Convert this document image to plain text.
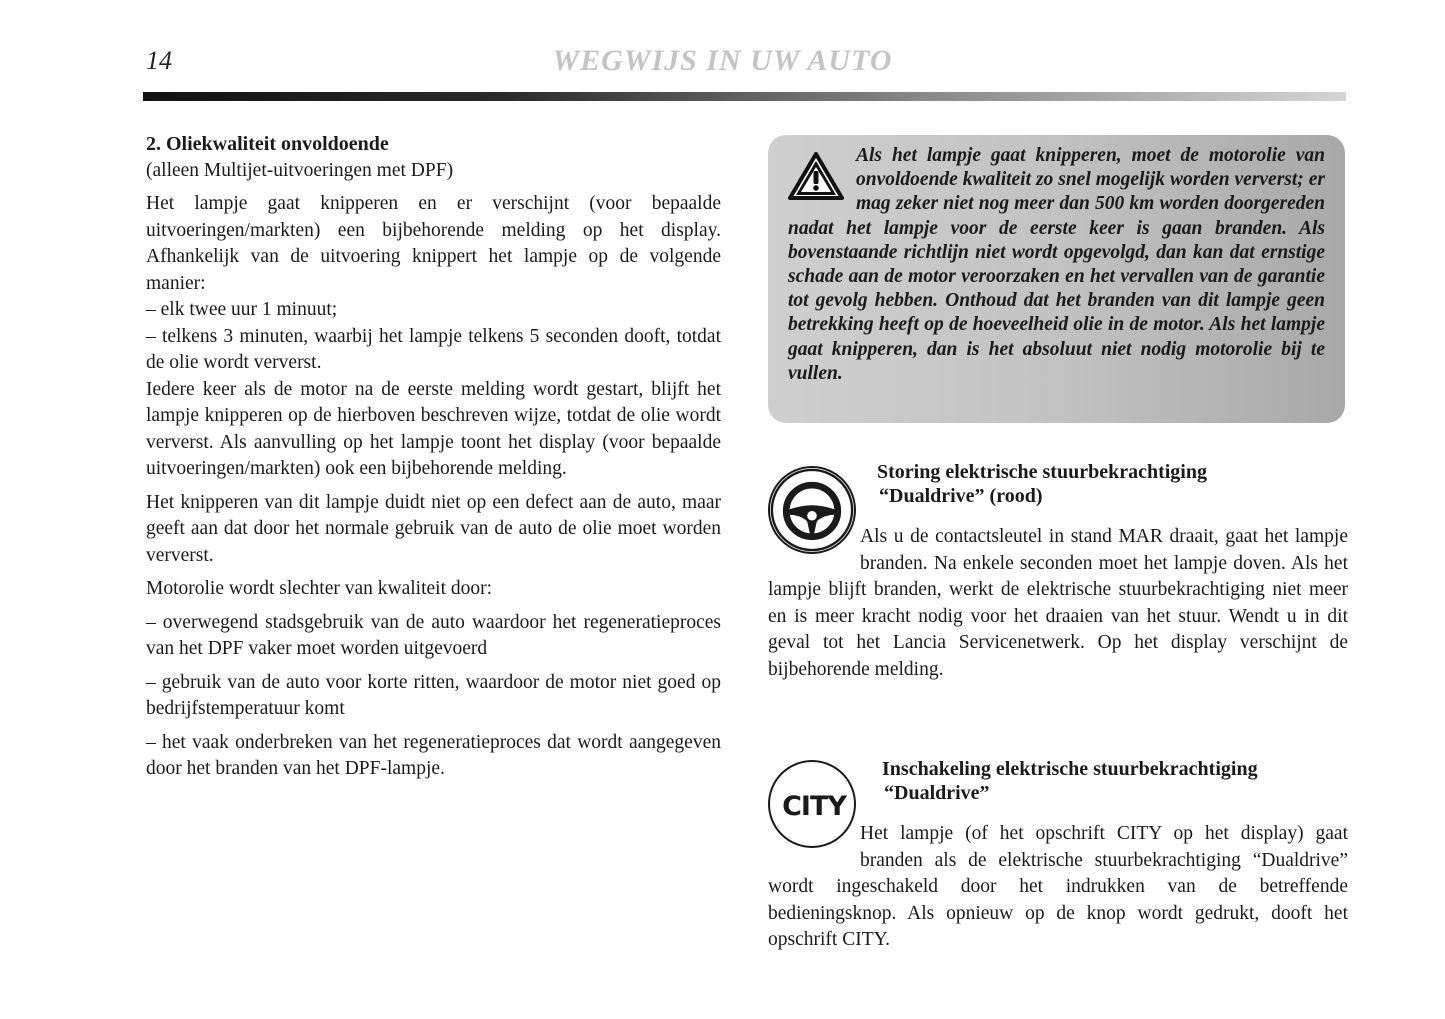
14	WEGWIJS IN UW AUTO

2. Oliekwaliteit onvoldoende

(alleen Multijet-uitvoeringen met DPF)

Het lampje gaat knipperen en er verschijnt (voor bepaalde uitvoeringen/markten) een bijbehorende melding op het display. Afhankelijk van de uitvoering knippert het lampje op de volgende manier:

– elk twee uur 1 minuut;

– telkens 3 minuten, waarbij het lampje telkens 5 seconden dooft, totdat de olie wordt ververst.

Iedere keer als de motor na de eerste melding wordt gestart, blijft het lampje knipperen op de hierboven beschreven wijze, totdat de olie wordt ververst. Als aanvulling op het lampje toont het display (voor bepaalde uitvoeringen/markten) ook een bijbehorende melding.

Het knipperen van dit lampje duidt niet op een defect aan de auto, maar geeft aan dat door het normale gebruik van de auto de olie moet worden ververst.

Motorolie wordt slechter van kwaliteit door:

– overwegend stadsgebruik van de auto waardoor het regeneratieproces van het DPF vaker moet worden uitgevoerd

– gebruik van de auto voor korte ritten, waardoor de motor niet goed op bedrijfstemperatuur komt

– het vaak onderbreken van het regeneratieproces dat wordt aangegeven door het branden van het DPF-lampje.

Als het lampje gaat knipperen, moet de motorolie van onvoldoende kwaliteit zo snel mogelijk worden ververst; er mag zeker niet nog meer dan 500 km worden doorgereden nadat het lampje voor de eerste keer is gaan branden. Als bovenstaande richtlijn niet wordt opgevolgd, dan kan dat ernstige schade aan de motor veroorzaken en het vervallen van de garantie tot gevolg hebben. Onthoud dat het branden van dit lampje geen betrekking heeft op de hoeveelheid olie in de motor. Als het lampje gaat knipperen, dan is het absoluut niet nodig motorolie bij te vullen.
Storing elektrische stuurbekrachtiging
“Dualdrive” (rood)
Als u de contactsleutel in stand MAR draait, gaat het lampje branden. Na enkele seconden moet het lampje doven. Als het lampje blijft branden, werkt de elektrische stuurbekrachtiging niet meer en is meer kracht nodig voor het draaien van het stuur. Wendt u in dit geval tot het Lancia Servicenetwerk. Op het display verschijnt de bijbehorende melding.
CITY
Inschakeling elektrische stuurbekrachtiging
“Dualdrive”
Het lampje (of het opschrift CITY op het display) gaat branden als de elektrische stuurbekrachtiging “Dualdrive” wordt ingeschakeld door het indrukken van de betreffende bedieningsknop. Als opnieuw op de knop wordt gedrukt, dooft het opschrift CITY.
